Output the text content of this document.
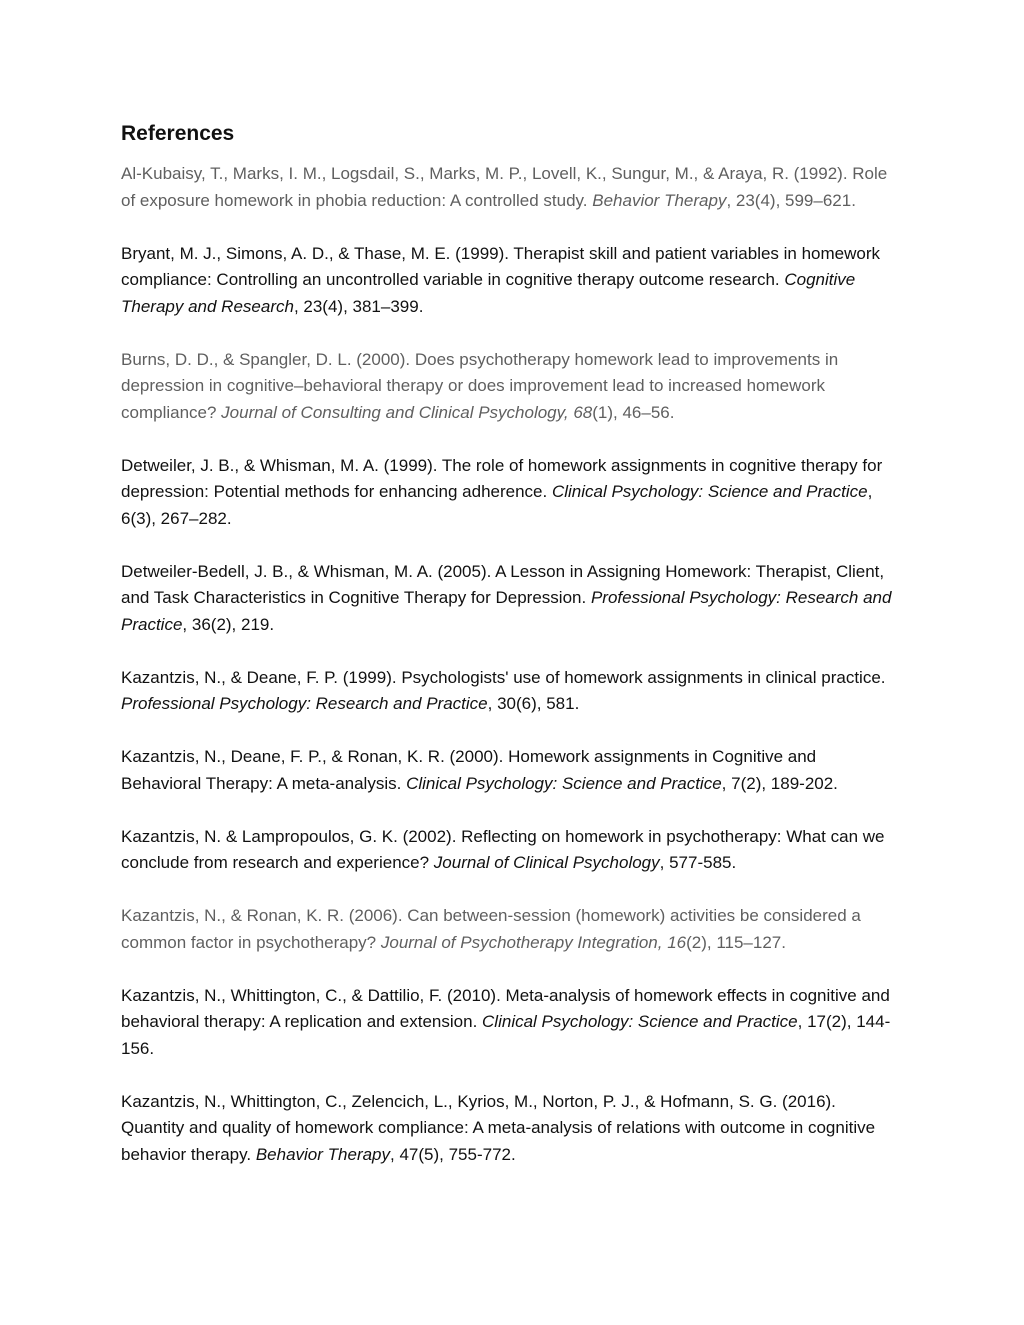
References

Al-Kubaisy, T., Marks, I. M., Logsdail, S., Marks, M. P., Lovell, K., Sungur, M., & Araya, R. (1992). Role of exposure homework in phobia reduction: A controlled study. Behavior Therapy, 23(4), 599–621.

Bryant, M. J., Simons, A. D., & Thase, M. E. (1999). Therapist skill and patient variables in homework compliance: Controlling an uncontrolled variable in cognitive therapy outcome research. Cognitive Therapy and Research, 23(4), 381–399.

Burns, D. D., & Spangler, D. L. (2000). Does psychotherapy homework lead to improvements in depression in cognitive–behavioral therapy or does improvement lead to increased homework compliance? Journal of Consulting and Clinical Psychology, 68(1), 46–56.

Detweiler, J. B., & Whisman, M. A. (1999). The role of homework assignments in cognitive therapy for depression: Potential methods for enhancing adherence. Clinical Psychology: Science and Practice, 6(3), 267–282.

Detweiler-Bedell, J. B., & Whisman, M. A. (2005). A Lesson in Assigning Homework: Therapist, Client, and Task Characteristics in Cognitive Therapy for Depression. Professional Psychology: Research and Practice, 36(2), 219.

Kazantzis, N., & Deane, F. P. (1999). Psychologists' use of homework assignments in clinical practice. Professional Psychology: Research and Practice, 30(6), 581.

Kazantzis, N., Deane, F. P., & Ronan, K. R. (2000). Homework assignments in Cognitive and Behavioral Therapy: A meta-analysis. Clinical Psychology: Science and Practice, 7(2), 189-202.

Kazantzis, N. & Lampropoulos, G. K. (2002). Reflecting on homework in psychotherapy: What can we conclude from research and experience? Journal of Clinical Psychology, 577-585.

Kazantzis, N., & Ronan, K. R. (2006). Can between-session (homework) activities be considered a common factor in psychotherapy? Journal of Psychotherapy Integration, 16(2), 115–127.

Kazantzis, N., Whittington, C., & Dattilio, F. (2010). Meta-analysis of homework effects in cognitive and behavioral therapy: A replication and extension. Clinical Psychology: Science and Practice, 17(2), 144-156.

Kazantzis, N., Whittington, C., Zelencich, L., Kyrios, M., Norton, P. J., & Hofmann, S. G. (2016). Quantity and quality of homework compliance: A meta-analysis of relations with outcome in cognitive behavior therapy. Behavior Therapy, 47(5), 755-772.
